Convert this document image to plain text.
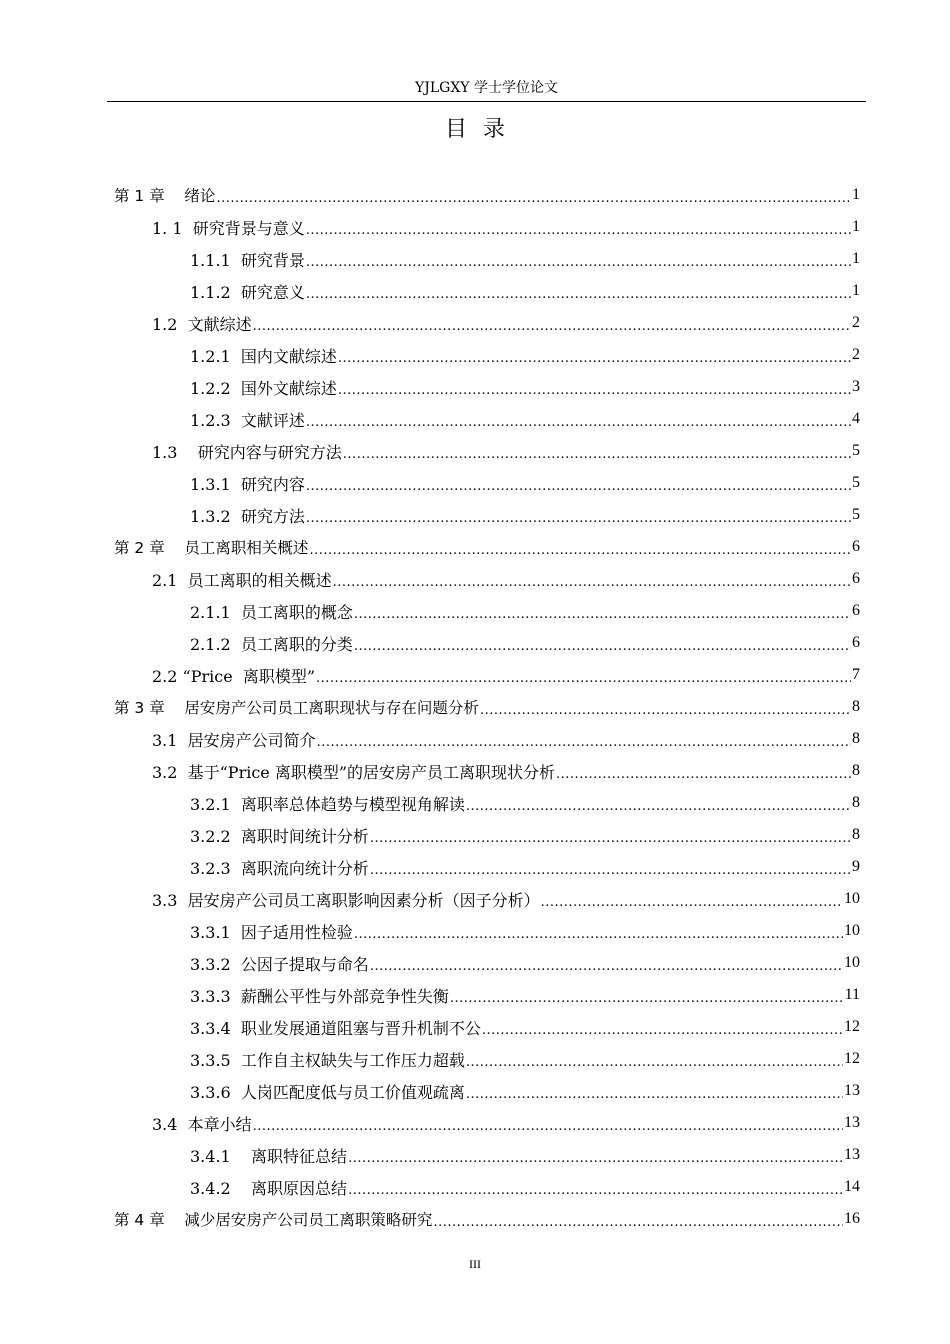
YJLGXY 学士学位论文
目录
第 1 章    绪论 .....	1
1. 1  研究背景与意义 .....	1
1.1.1  研究背景 .....	1
1.1.2  研究意义 .....	1
1.2  文献综述 .....	2
1.2.1  国内文献综述 .....	2
1.2.2  国外文献综述 .....	3
1.2.3  文献评述 .....	4
1.3    研究内容与研究方法 .....	5
1.3.1  研究内容 .....	5
1.3.2  研究方法 .....	5
第 2 章    员工离职相关概述 .....	6
2.1  员工离职的相关概述 .....	6
2.1.1  员工离职的概念 .....	6
2.1.2  员工离职的分类 .....	6
2.2 “Price  离职模型” .....	7
第 3 章    居安房产公司员工离职现状与存在问题分析 .....	8
3.1  居安房产公司简介 .....	8
3.2  基于“Price 离职模型”的居安房产员工离职现状分析 .....	8
3.2.1  离职率总体趋势与模型视角解读 .....	8
3.2.2  离职时间统计分析 .....	8
3.2.3  离职流向统计分析 .....	9
3.3  居安房产公司员工离职影响因素分析（因子分析） .....	10
3.3.1  因子适用性检验 .....	10
3.3.2  公因子提取与命名 .....	10
3.3.3  薪酬公平性与外部竞争性失衡 .....	11
3.3.4  职业发展通道阻塞与晋升机制不公 .....	12
3.3.5  工作自主权缺失与工作压力超载 .....	12
3.3.6  人岗匹配度低与员工价值观疏离 .....	13
3.4  本章小结 .....	13
3.4.1    离职特征总结 .....	13
3.4.2    离职原因总结 .....	14
第 4 章    减少居安房产公司员工离职策略研究 .....	16
III
